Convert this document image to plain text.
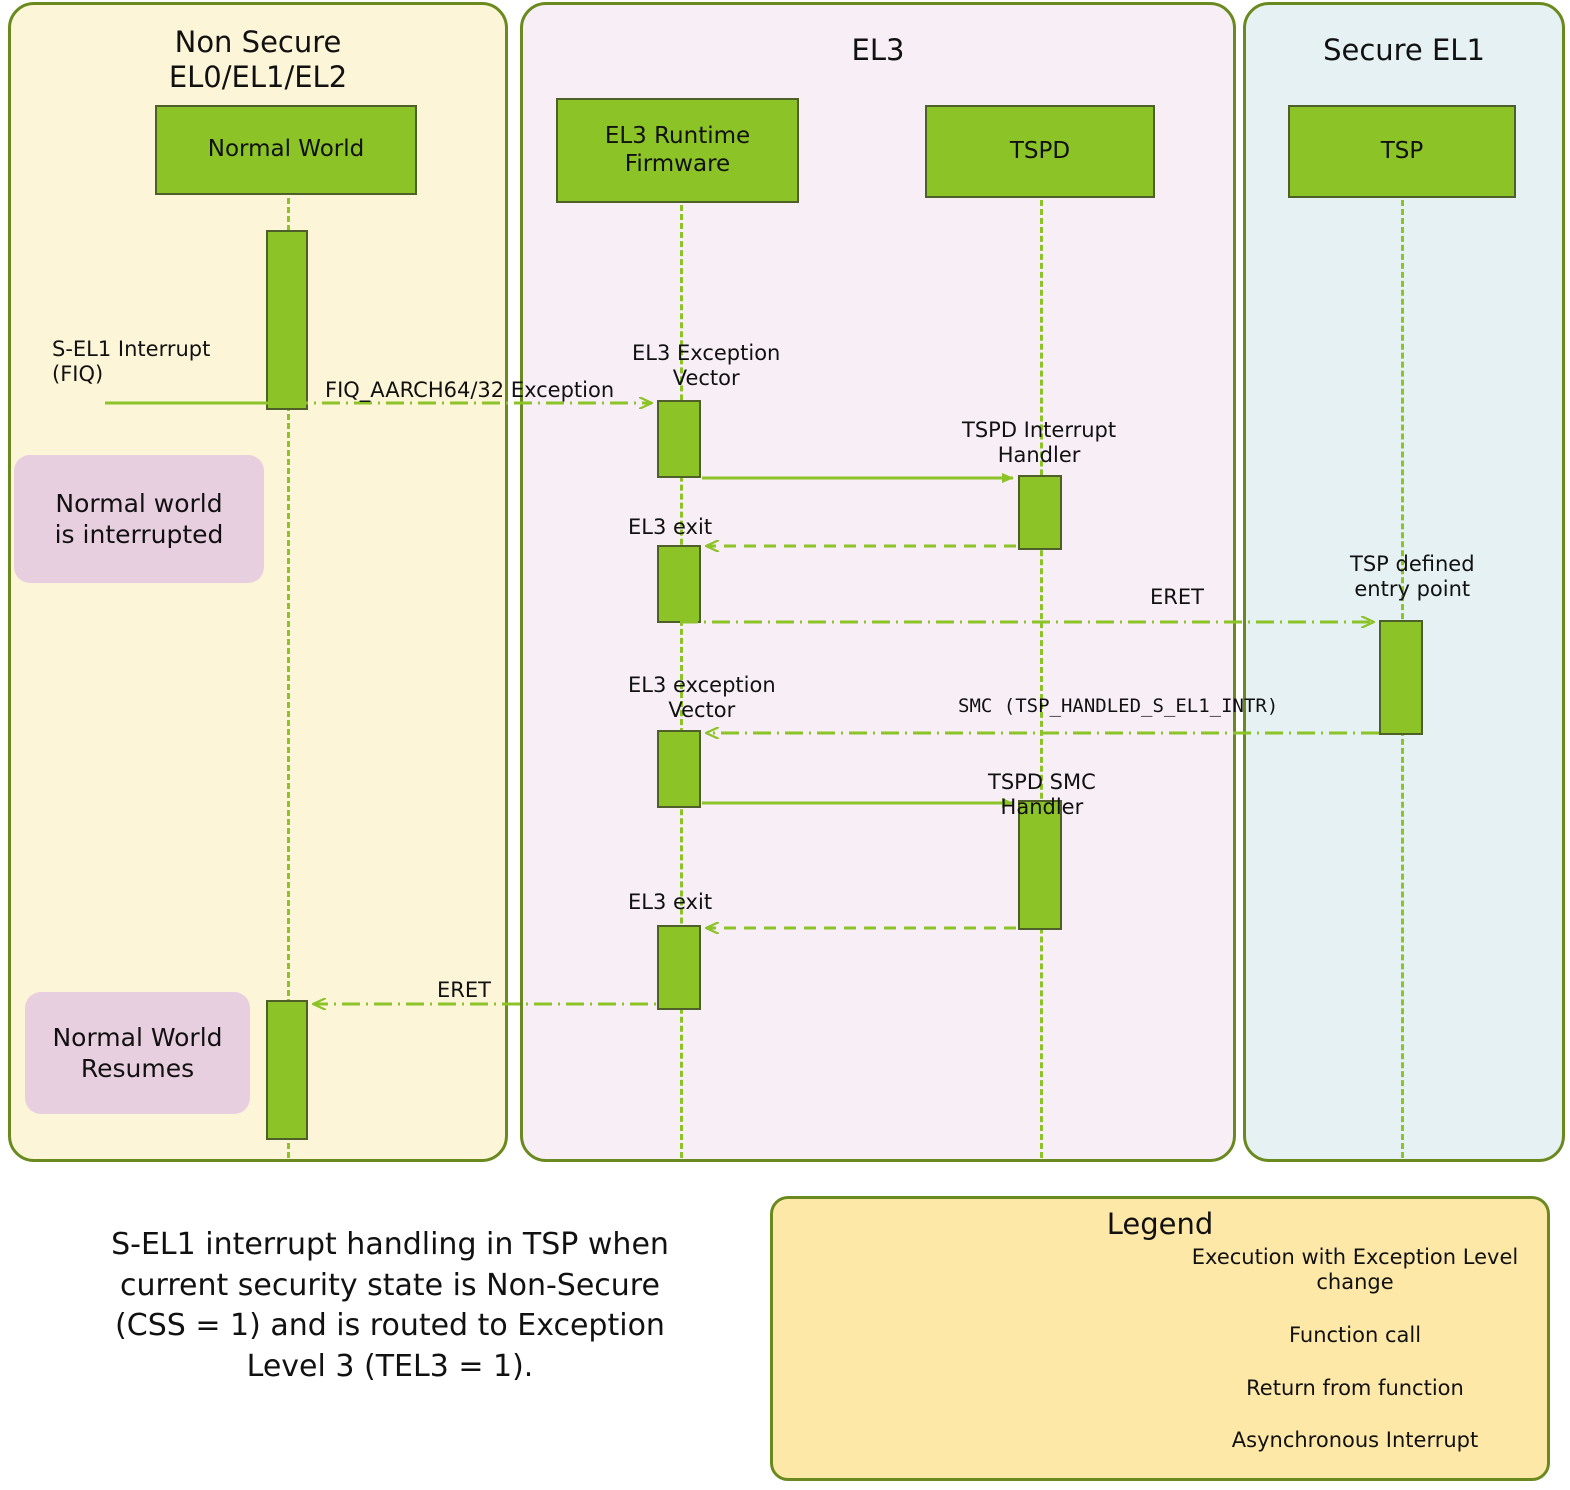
Non Secure
EL0/EL1/EL2
EL3	Secure EL1
Normal World
EL3 Runtime
Firmware	TSPD	TSP
Normal world
is interrupted
Normal World
Resumes
S-EL1 Interrupt
(FIQ)
FIQ_AARCH64/32 Exception
EL3 Exception
Vector
TSPD Interrupt
Handler
EL3 exit
ERET
TSP defined
entry point
EL3 exception
Vector	SMC (TSP_HANDLED_S_EL1_INTR)
TSPD SMC
Handler
EL3 exit
ERET
S-EL1 interrupt handling in TSP when
current security state is Non-Secure
(CSS = 1) and is routed to Exception
Level 3 (TEL3 = 1).
Legend
Execution with Exception Level
change
Function call
Return from function
Asynchronous Interrupt
